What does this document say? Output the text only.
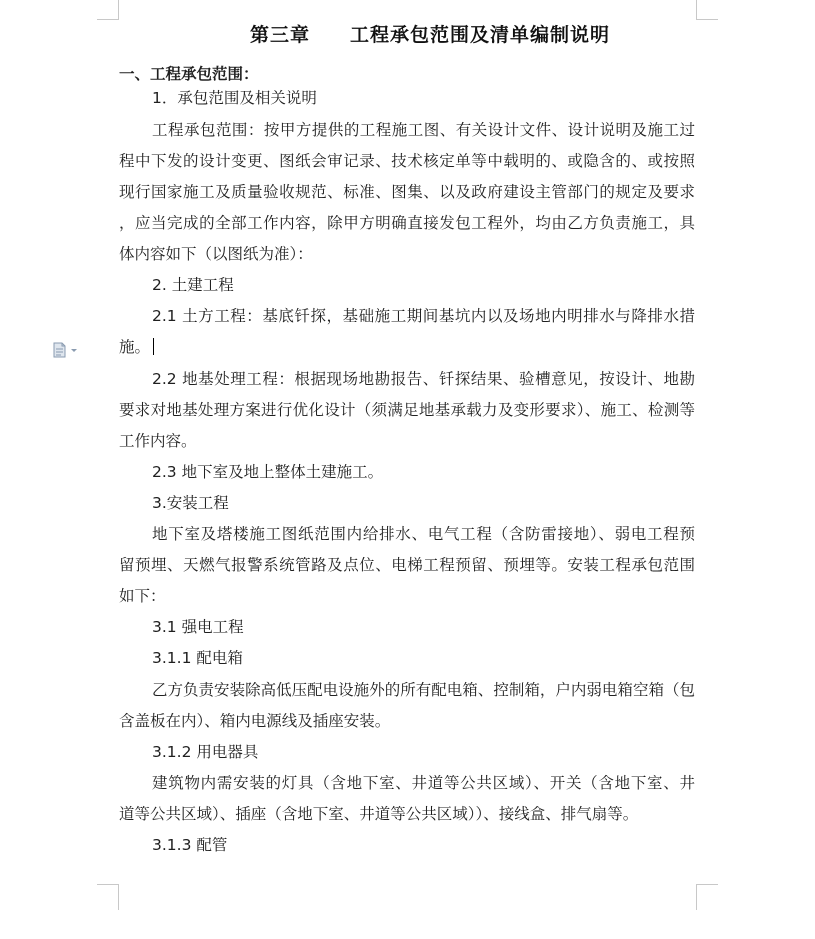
第三章　　工程承包范围及清单编制说明
一、工程承包范围：
1．承包范围及相关说明
工程承包范围：按甲方提供的工程施工图、有关设计文件、设计说明及施工过
程中下发的设计变更、图纸会审记录、技术核定单等中载明的、或隐含的、或按照
现行国家施工及质量验收规范、标准、图集、以及政府建设主管部门的规定及要求
，应当完成的全部工作内容，除甲方明确直接发包工程外，均由乙方负责施工，具
体内容如下（以图纸为准）：
2. 土建工程
2.1 土方工程：基底钎探，基础施工期间基坑内以及场地内明排水与降排水措
施。
2.2 地基处理工程：根据现场地勘报告、钎探结果、验槽意见，按设计、地勘
要求对地基处理方案进行优化设计（须满足地基承载力及变形要求）、施工、检测等
工作内容。
2.3 地下室及地上整体土建施工。
3.安装工程
地下室及塔楼施工图纸范围内给排水、电气工程（含防雷接地）、弱电工程预
留预埋、天燃气报警系统管路及点位、电梯工程预留、预埋等。安装工程承包范围
如下：
3.1 强电工程
3.1.1 配电箱
乙方负责安装除高低压配电设施外的所有配电箱、控制箱，户内弱电箱空箱（包
含盖板在内）、箱内电源线及插座安装。
3.1.2 用电器具
建筑物内需安装的灯具（含地下室、井道等公共区域）、开关（含地下室、井
道等公共区域）、插座（含地下室、井道等公共区域））、接线盒、排气扇等。
3.1.3 配管
